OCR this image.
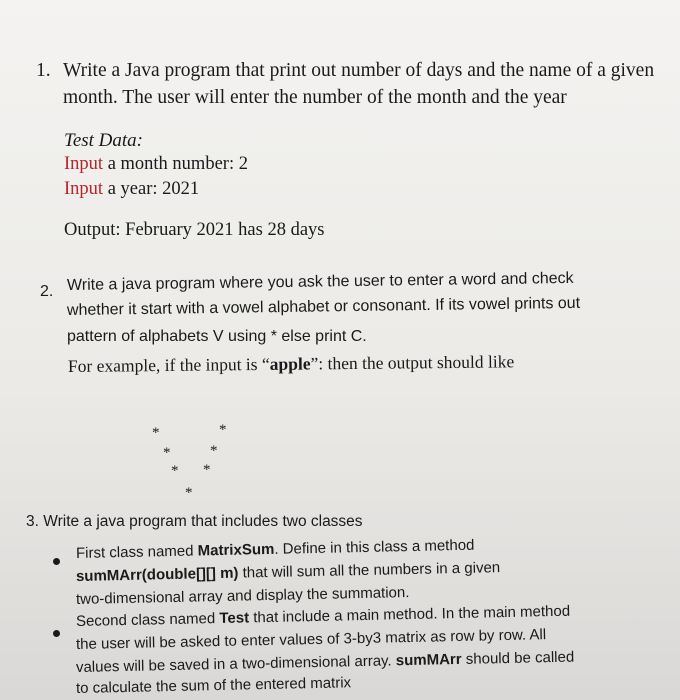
1. Write a Java program that print out number of days and the name of a given
month. The user will enter the number of the month and the year
Test Data:
Input a month number: 2
Input a year: 2021
Output: February 2021 has 28 days
2. Write a java program where you ask the user to enter a word and check
whether it start with a vowel alphabet or consonant. If its vowel prints out
pattern of alphabets V using * else print C.
For example, if the input is “apple”: then the output should like
*	*
*	*
* *
*
3. Write a java program that includes two classes
First class named MatrixSum. Define in this class a method
sumMArr(double[][] m) that will sum all the numbers in a given
two-dimensional array and display the summation.
Second class named Test that include a main method. In the main method
the user will be asked to enter values of 3-by3 matrix as row by row. All
values will be saved in a two-dimensional array. sumMArr should be called
to calculate the sum of the entered matrix
